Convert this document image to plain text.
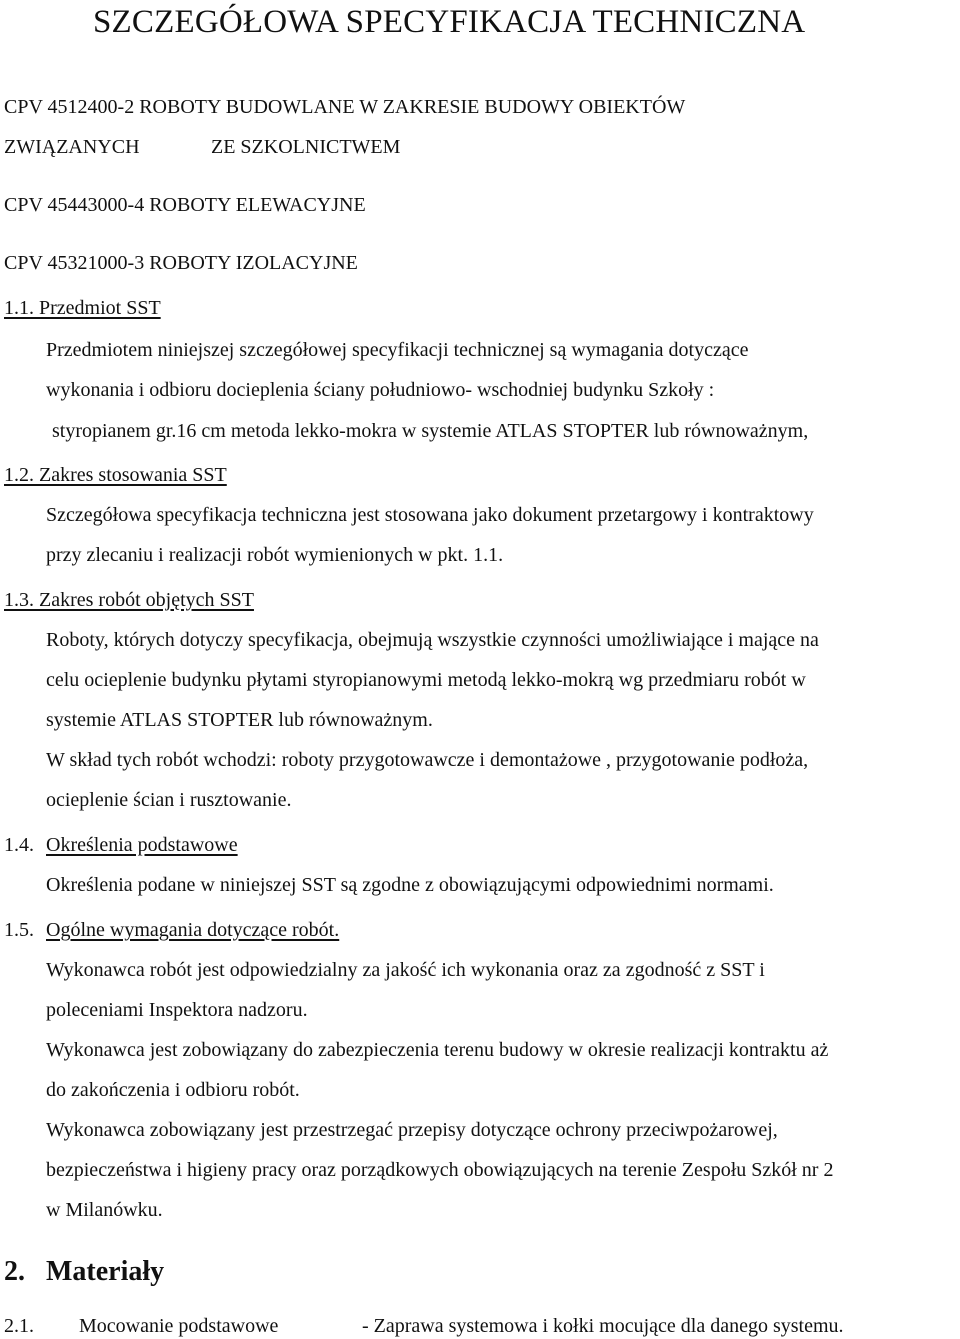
SZCZEGÓŁOWA SPECYFIKACJA TECHNICZNA
CPV 4512400-2 ROBOTY BUDOWLANE W ZAKRESIE BUDOWY OBIEKTÓW
ZWIĄZANYCH	ZE SZKOLNICTWEM
CPV 45443000-4 ROBOTY ELEWACYJNE
CPV 45321000-3 ROBOTY IZOLACYJNE
1.1. Przedmiot SST
Przedmiotem niniejszej szczegółowej specyfikacji technicznej są wymagania dotyczące
wykonania i odbioru docieplenia ściany południowo- wschodniej budynku Szkoły :
styropianem gr.16 cm metoda lekko-mokra w systemie ATLAS STOPTER lub równoważnym,
1.2. Zakres stosowania SST
Szczegółowa specyfikacja techniczna jest stosowana jako dokument przetargowy i kontraktowy
przy zlecaniu i realizacji robót wymienionych w pkt. 1.1.
1.3. Zakres robót objętych SST
Roboty, których dotyczy specyfikacja, obejmują wszystkie czynności umożliwiające i mające na
celu ocieplenie budynku płytami styropianowymi metodą lekko-mokrą wg przedmiaru robót w
systemie ATLAS STOPTER lub równoważnym.
W skład tych robót wchodzi: roboty przygotowawcze i demontażowe , przygotowanie podłoża,
ocieplenie ścian i rusztowanie.
1.4. Określenia podstawowe
Określenia podane w niniejszej SST są zgodne z obowiązującymi odpowiednimi normami.
1.5. Ogólne wymagania dotyczące robót.
Wykonawca robót jest odpowiedzialny za jakość ich wykonania oraz za zgodność z SST i
poleceniami Inspektora nadzoru.
Wykonawca jest zobowiązany do zabezpieczenia terenu budowy w okresie realizacji kontraktu aż
do zakończenia i odbioru robót.
Wykonawca zobowiązany jest przestrzegać przepisy dotyczące ochrony przeciwpożarowej,
bezpieczeństwa i higieny pracy oraz porządkowych obowiązujących na terenie Zespołu Szkół nr 2
w Milanówku.
2. Materiały
2.1. Mocowanie podstawowe	- Zaprawa systemowa i kołki mocujące dla danego systemu.
